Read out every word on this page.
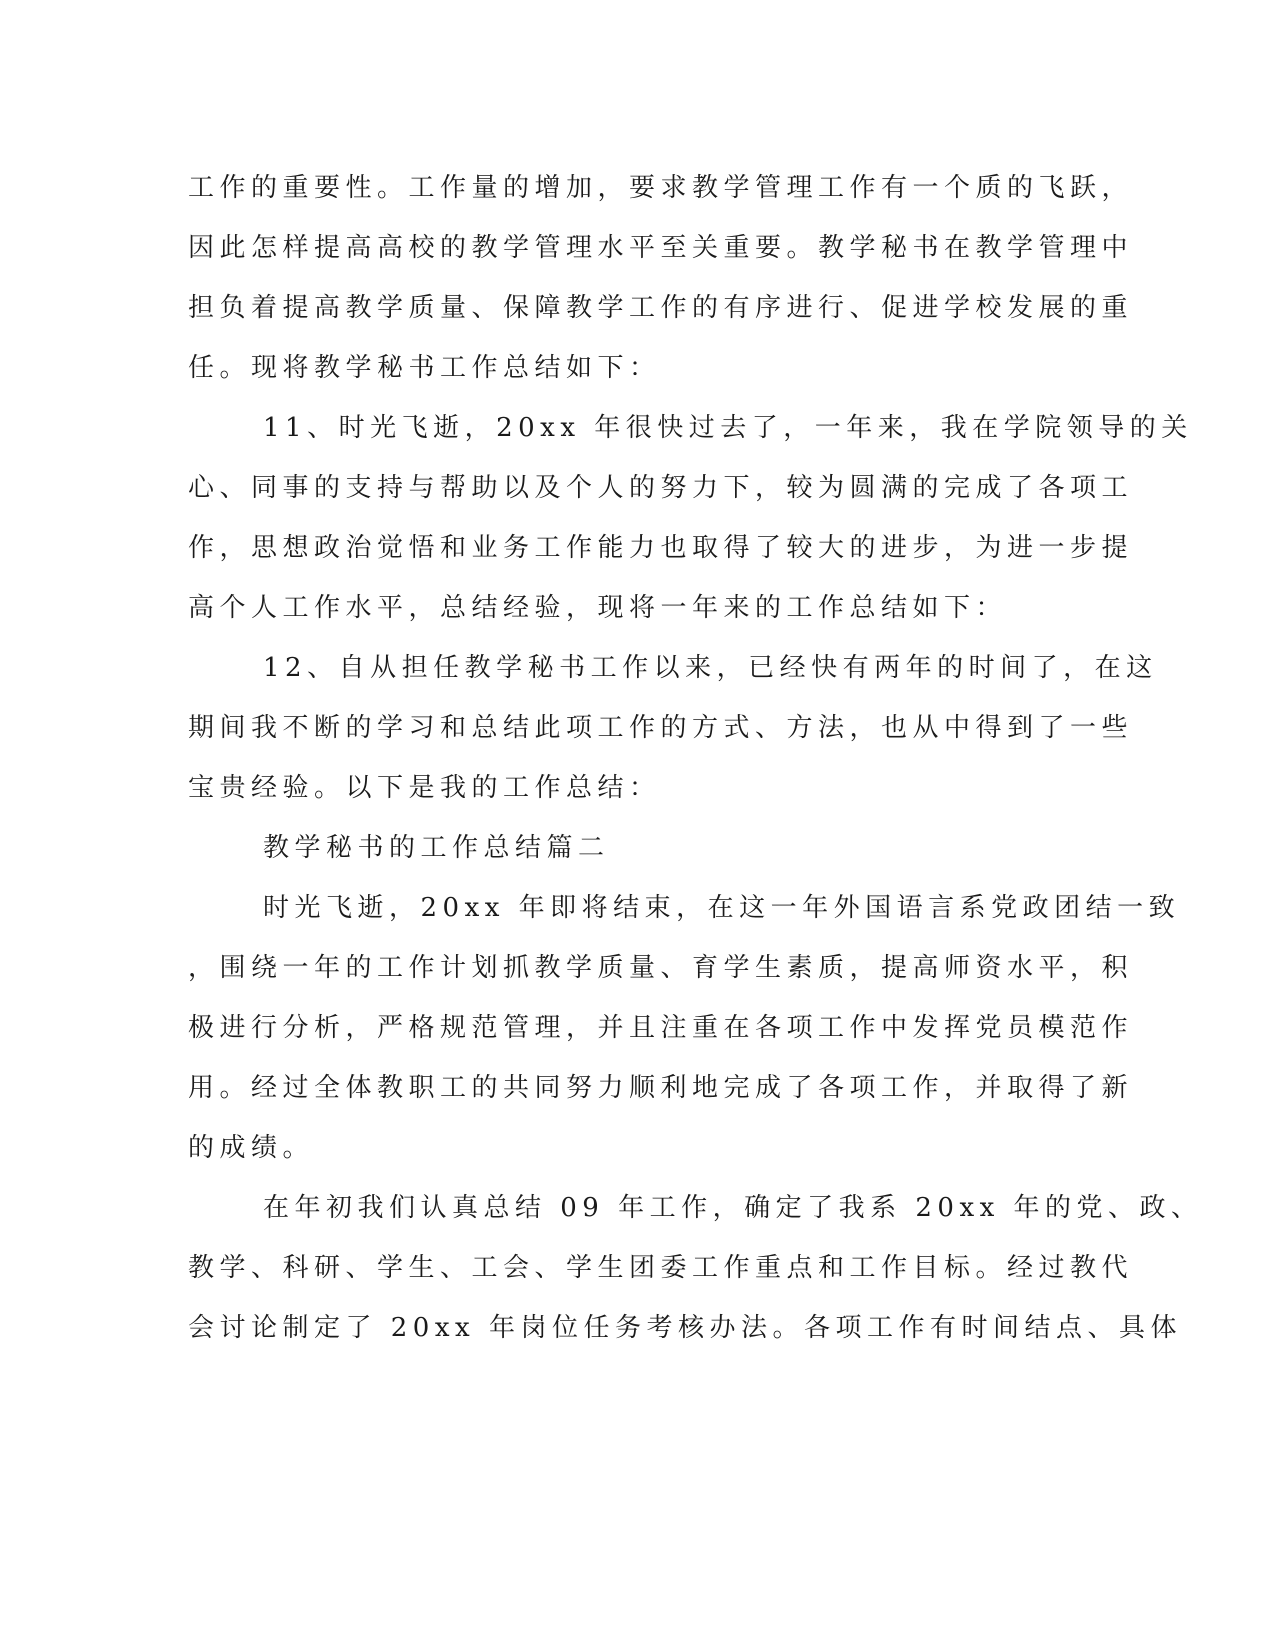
工作的重要性。工作量的增加，要求教学管理工作有一个质的飞跃，
因此怎样提高高校的教学管理水平至关重要。教学秘书在教学管理中
担负着提高教学质量、保障教学工作的有序进行、促进学校发展的重
任。现将教学秘书工作总结如下：
11、时光飞逝，20xx 年很快过去了，一年来，我在学院领导的关
心、同事的支持与帮助以及个人的努力下，较为圆满的完成了各项工
作，思想政治觉悟和业务工作能力也取得了较大的进步，为进一步提
高个人工作水平，总结经验，现将一年来的工作总结如下：
12、自从担任教学秘书工作以来，已经快有两年的时间了，在这
期间我不断的学习和总结此项工作的方式、方法，也从中得到了一些
宝贵经验。以下是我的工作总结：
教学秘书的工作总结篇二
时光飞逝，20xx 年即将结束，在这一年外国语言系党政团结一致
，围绕一年的工作计划抓教学质量、育学生素质，提高师资水平，积
极进行分析，严格规范管理，并且注重在各项工作中发挥党员模范作
用。经过全体教职工的共同努力顺利地完成了各项工作，并取得了新
的成绩。
在年初我们认真总结 09 年工作，确定了我系 20xx 年的党、政、
教学、科研、学生、工会、学生团委工作重点和工作目标。经过教代
会讨论制定了 20xx 年岗位任务考核办法。各项工作有时间结点、具体
